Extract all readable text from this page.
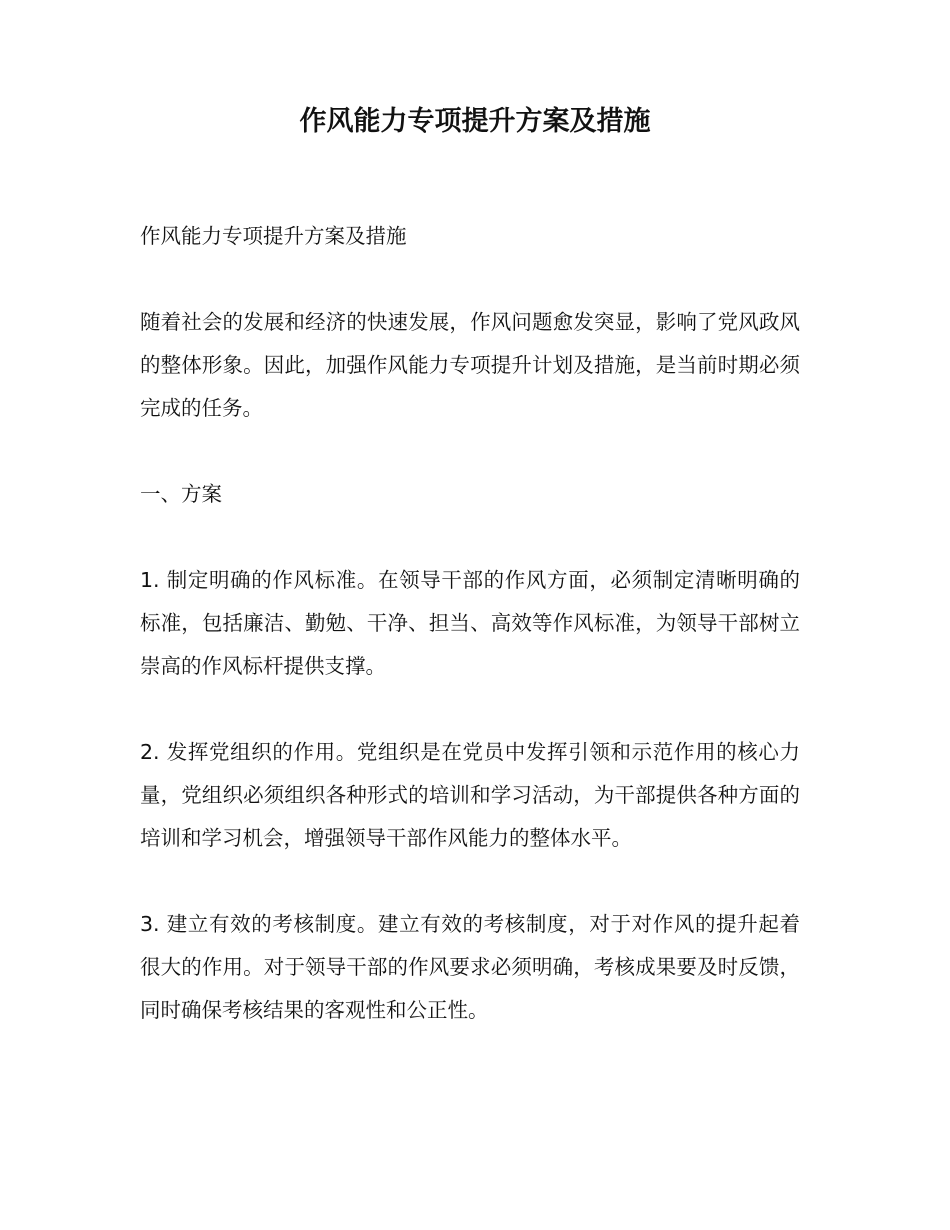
作风能力专项提升方案及措施

作风能力专项提升方案及措施

随着社会的发展和经济的快速发展，作风问题愈发突显，影响了党风政风的整体形象。因此，加强作风能力专项提升计划及措施，是当前时期必须完成的任务。

一、方案

1. 制定明确的作风标准。在领导干部的作风方面，必须制定清晰明确的标准，包括廉洁、勤勉、干净、担当、高效等作风标准，为领导干部树立崇高的作风标杆提供支撑。

2. 发挥党组织的作用。党组织是在党员中发挥引领和示范作用的核心力量，党组织必须组织各种形式的培训和学习活动，为干部提供各种方面的培训和学习机会，增强领导干部作风能力的整体水平。

3. 建立有效的考核制度。建立有效的考核制度，对于对作风的提升起着很大的作用。对于领导干部的作风要求必须明确，考核成果要及时反馈，同时确保考核结果的客观性和公正性。
